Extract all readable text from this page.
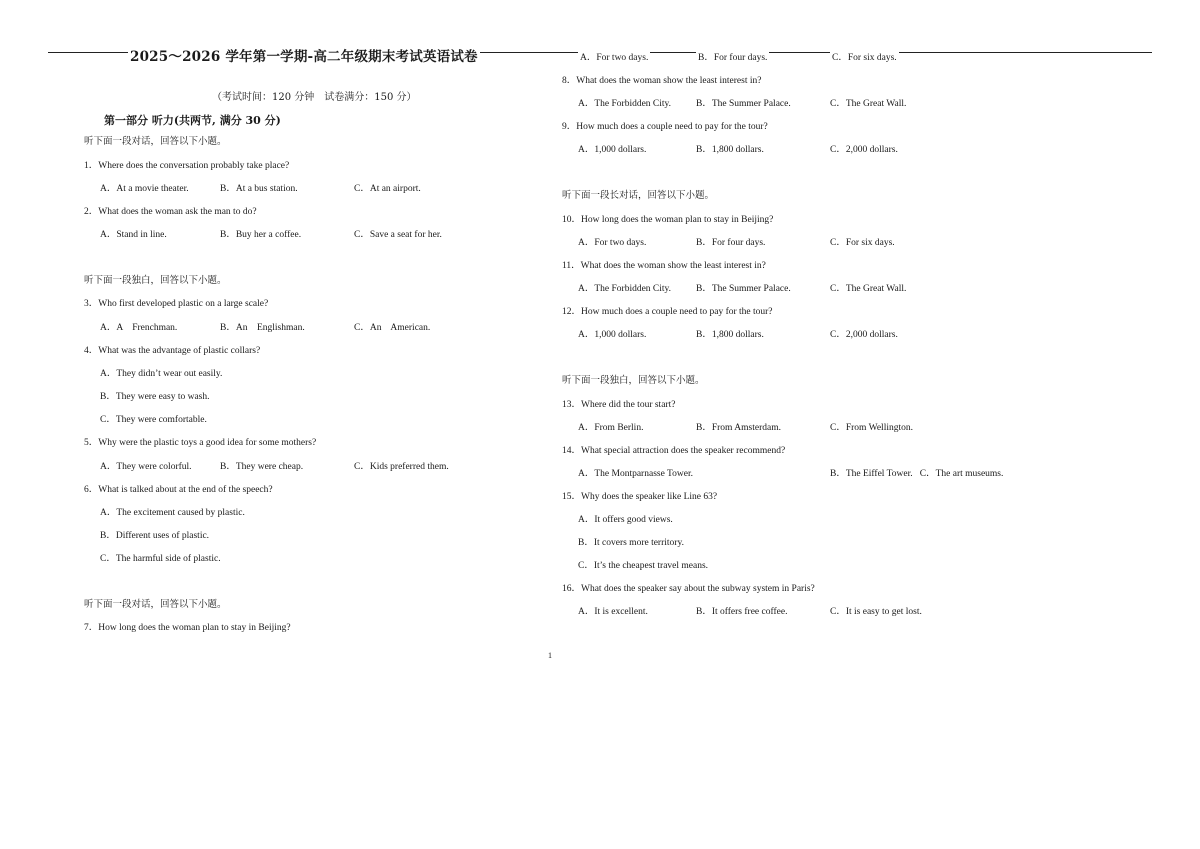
2025～2026 学年第一学期-高二年级期末考试英语试卷
（考试时间：120 分钟　试卷满分：150 分）
第一部分 听力(共两节, 满分 30 分)
听下面一段对话，回答以下小题。
1．Where does the conversation probably take place?
A．At a movie theater.	B．At a bus station.	C．At an airport.
2．What does the woman ask the man to do?
A．Stand in line.	B．Buy her a coffee.	C．Save a seat for her.
听下面一段独白，回答以下小题。
3．Who first developed plastic on a large scale?
A．A    Frenchman.	B．An    Englishman.	C．An    American.
4．What was the advantage of plastic collars?
A．They didn’t wear out easily.
B．They were easy to wash.
C．They were comfortable.
5．Why were the plastic toys a good idea for some mothers?
A．They were colorful.	B．They were cheap.	C．Kids preferred them.
6．What is talked about at the end of the speech?
A．The excitement caused by plastic.
B．Different uses of plastic.
C．The harmful side of plastic.
听下面一段对话，回答以下小题。
7．How long does the woman plan to stay in Beijing?
A．For two days.	B．For four days.	C．For six days.
8．What does the woman show the least interest in?
A．The Forbidden City.	B．The Summer Palace.	C．The Great Wall.
9．How much does a couple need to pay for the tour?
A．1,000 dollars.	B．1,800 dollars.	C．2,000 dollars.
听下面一段长对话，回答以下小题。
10．How long does the woman plan to stay in Beijing?
A．For two days.	B．For four days.	C．For six days.
11．What does the woman show the least interest in?
A．The Forbidden City.	B．The Summer Palace.	C．The Great Wall.
12．How much does a couple need to pay for the tour?
A．1,000 dollars.	B．1,800 dollars.	C．2,000 dollars.
听下面一段独白，回答以下小题。
13．Where did the tour start?
A．From Berlin.	B．From Amsterdam.	C．From Wellington.
14．What special attraction does the speaker recommend?
A．The Montparnasse Tower.	B．The Eiffel Tower.   C．The art museums.
15．Why does the speaker like Line 63?
A．It offers good views.
B．It covers more territory.
C．It’s the cheapest travel means.
16．What does the speaker say about the subway system in Paris?
A．It is excellent.	B．It offers free coffee.	C．It is easy to get lost.
1
